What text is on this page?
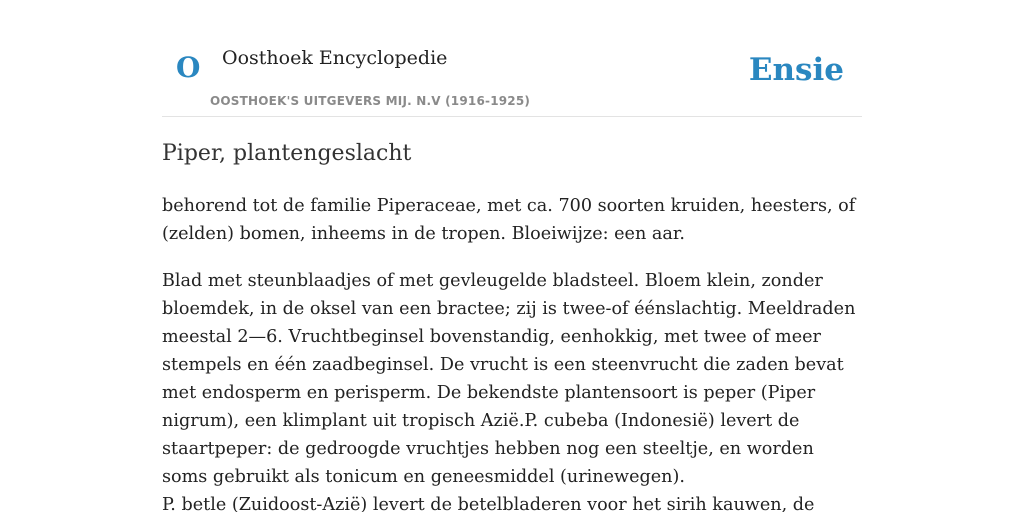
O Oosthoek Encyclopedie
OOSTHOEK'S UITGEVERS MIJ. N.V (1916-1925)
Ensie
Piper, plantengeslacht

behorend tot de familie Piperaceae, met ca. 700 soorten kruiden, heesters, of (zelden) bomen, inheems in de tropen. Bloeiwijze: een aar.

Blad met steunblaadjes of met gevleugelde bladsteel. Bloem klein, zonder bloemdek, in de oksel van een bractee; zij is twee-of éénslachtig. Meeldraden meestal 2—6. Vruchtbeginsel bovenstandig, eenhokkig, met twee of meer stempels en één zaadbeginsel. De vrucht is een steenvrucht die zaden bevat met endosperm en perisperm. De bekendste plantensoort is peper (Piper nigrum), een klimplant uit tropisch Azië.P. cubeba (Indonesië) levert de staartpeper: de gedroogde vruchtjes hebben nog een steeltje, en worden soms gebruikt als tonicum en geneesmiddel (urinewegen).

P. betle (Zuidoost-Azië) levert de betelbladeren voor het sirih kauwen, de
